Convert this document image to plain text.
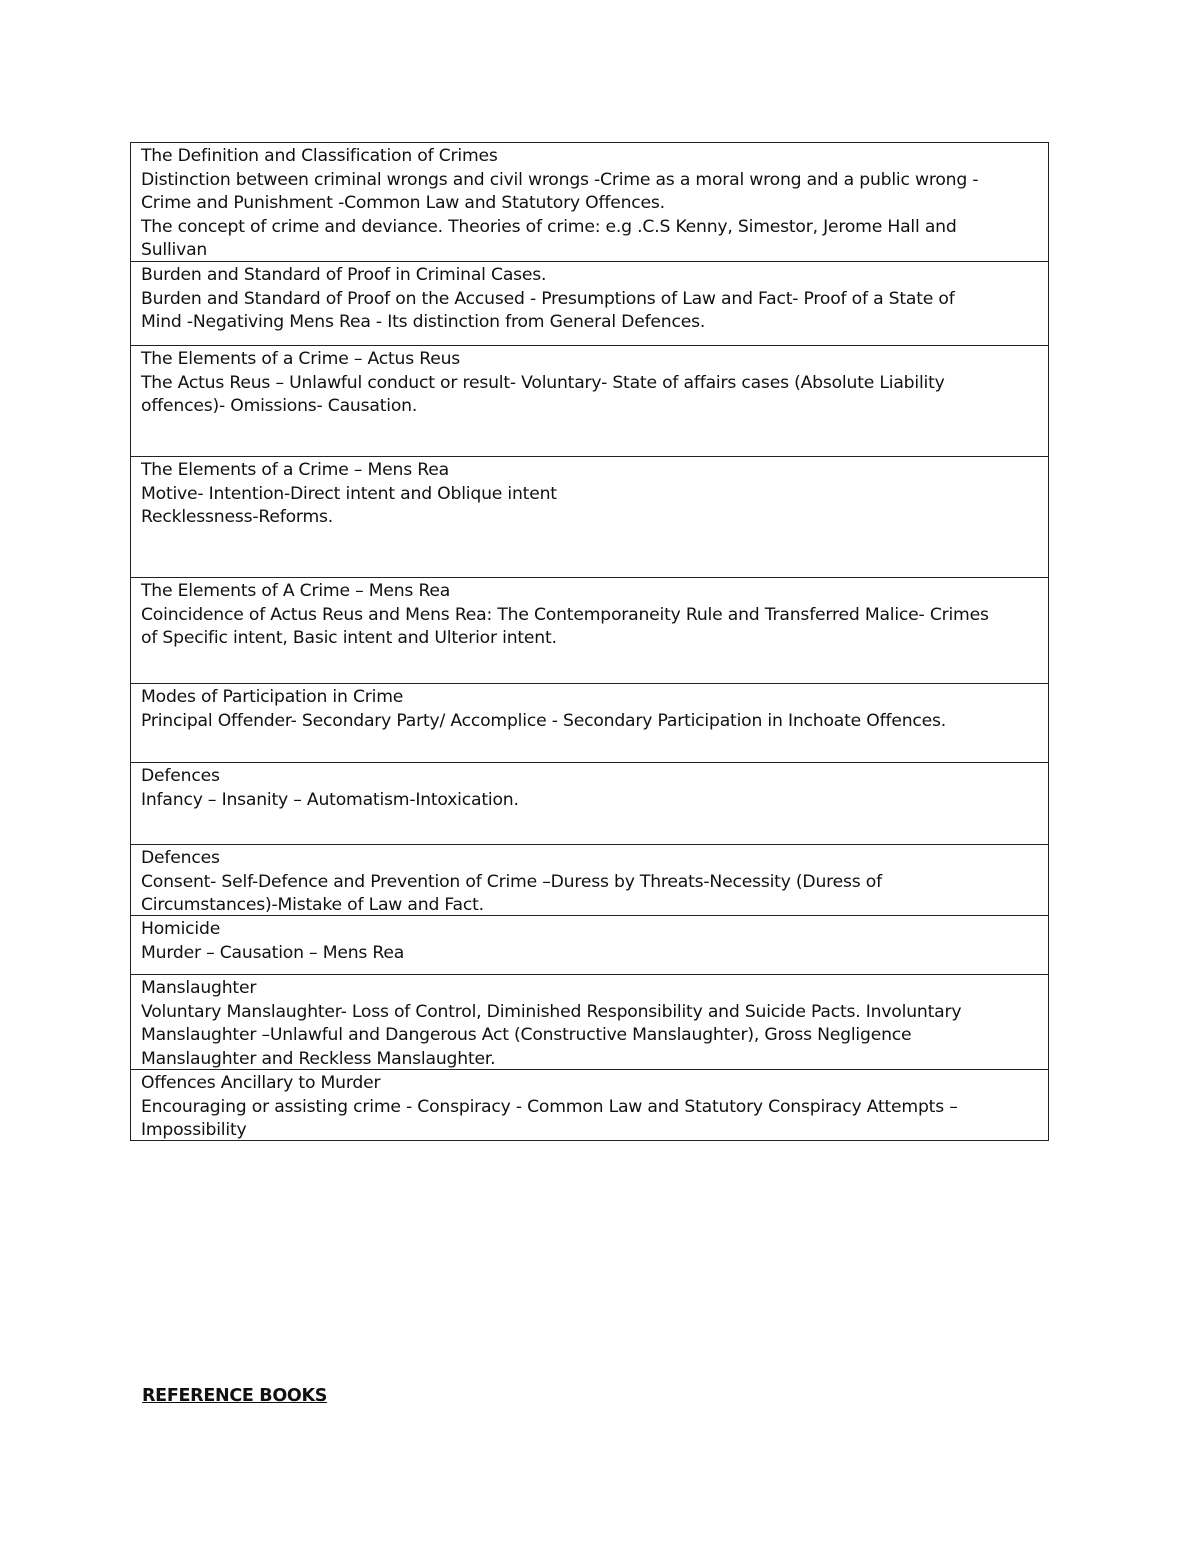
The Definition and Classification of Crimes
Distinction between criminal wrongs and civil wrongs -Crime as a moral wrong and a public wrong -
Crime and Punishment -Common Law and Statutory Offences.
The concept of crime and deviance. Theories of crime: e.g .C.S Kenny, Simestor, Jerome Hall and
Sullivan
Burden and Standard of Proof in Criminal Cases.
Burden and Standard of Proof on the Accused - Presumptions of Law and Fact- Proof of a State of
Mind -Negativing Mens Rea - Its distinction from General Defences.
The Elements of a Crime – Actus Reus
The Actus Reus – Unlawful conduct or result- Voluntary- State of affairs cases (Absolute Liability
offences)- Omissions- Causation.
The Elements of a Crime – Mens Rea
Motive- Intention-Direct intent and Oblique intent
Recklessness-Reforms.
The Elements of A Crime – Mens Rea
Coincidence of Actus Reus and Mens Rea: The Contemporaneity Rule and Transferred Malice- Crimes
of Specific intent, Basic intent and Ulterior intent.
Modes of Participation in Crime
Principal Offender- Secondary Party/ Accomplice - Secondary Participation in Inchoate Offences.
Defences
Infancy – Insanity – Automatism-Intoxication.
Defences
Consent- Self-Defence and Prevention of Crime –Duress by Threats-Necessity (Duress of
Circumstances)-Mistake of Law and Fact.
Homicide
Murder – Causation – Mens Rea
Manslaughter
Voluntary Manslaughter- Loss of Control, Diminished Responsibility and Suicide Pacts. Involuntary
Manslaughter –Unlawful and Dangerous Act (Constructive Manslaughter), Gross Negligence
Manslaughter and Reckless Manslaughter.
Offences Ancillary to Murder
Encouraging or assisting crime - Conspiracy - Common Law and Statutory Conspiracy Attempts –
Impossibility
REFERENCE BOOKS
